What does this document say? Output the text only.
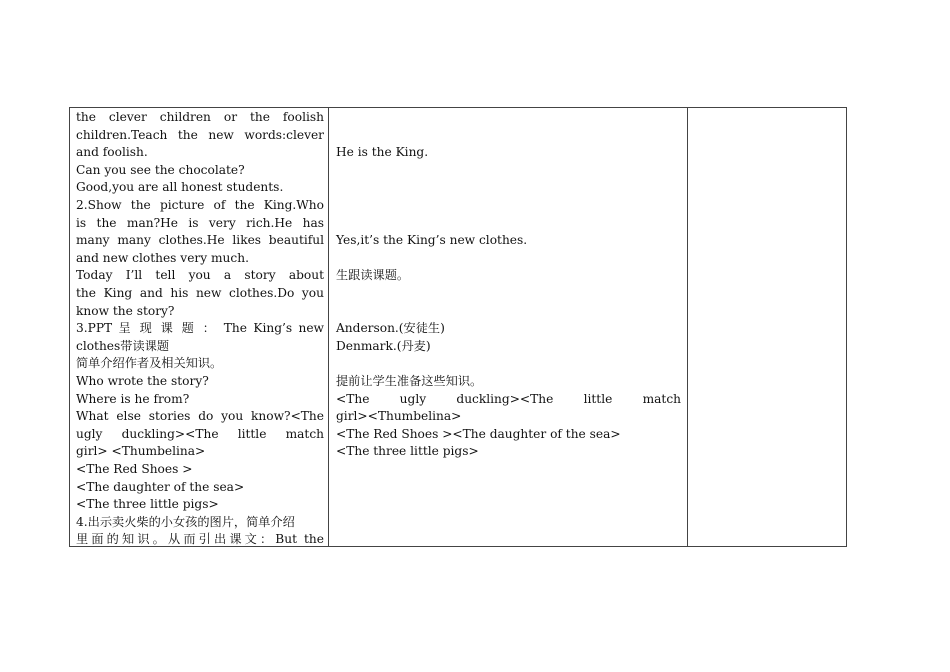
the clever children or the foolish
children.Teach the new words:clever
and foolish.
Can you see the chocolate?
Good,you are all honest students.
2.Show the picture of the King.Who
is the man?He is very rich.He has
many many clothes.He likes beautiful
and new clothes very much.
Today I’ll tell you a story about
the King and his new clothes.Do you
know the story?
3.PPT 呈 现 课 题 ： The King’s new
clothes带读课题
简单介绍作者及相关知识。
Who wrote the story?
Where is he from?
What else stories do you know?<The
ugly duckling><The little match
girl> <Thumbelina>
<The Red Shoes >
<The daughter of the sea>
<The three little pigs>
4.出示卖火柴的小女孩的图片，简单介绍
里面的知识。从而引出课文：But the
He is the King.
Yes,it’s the King’s new clothes.
生跟读课题。
Anderson.(安徒生)
Denmark.(丹麦)
提前让学生准备这些知识。
<The ugly duckling><The little match
girl><Thumbelina>
<The Red Shoes ><The daughter of the sea>
<The three little pigs>
